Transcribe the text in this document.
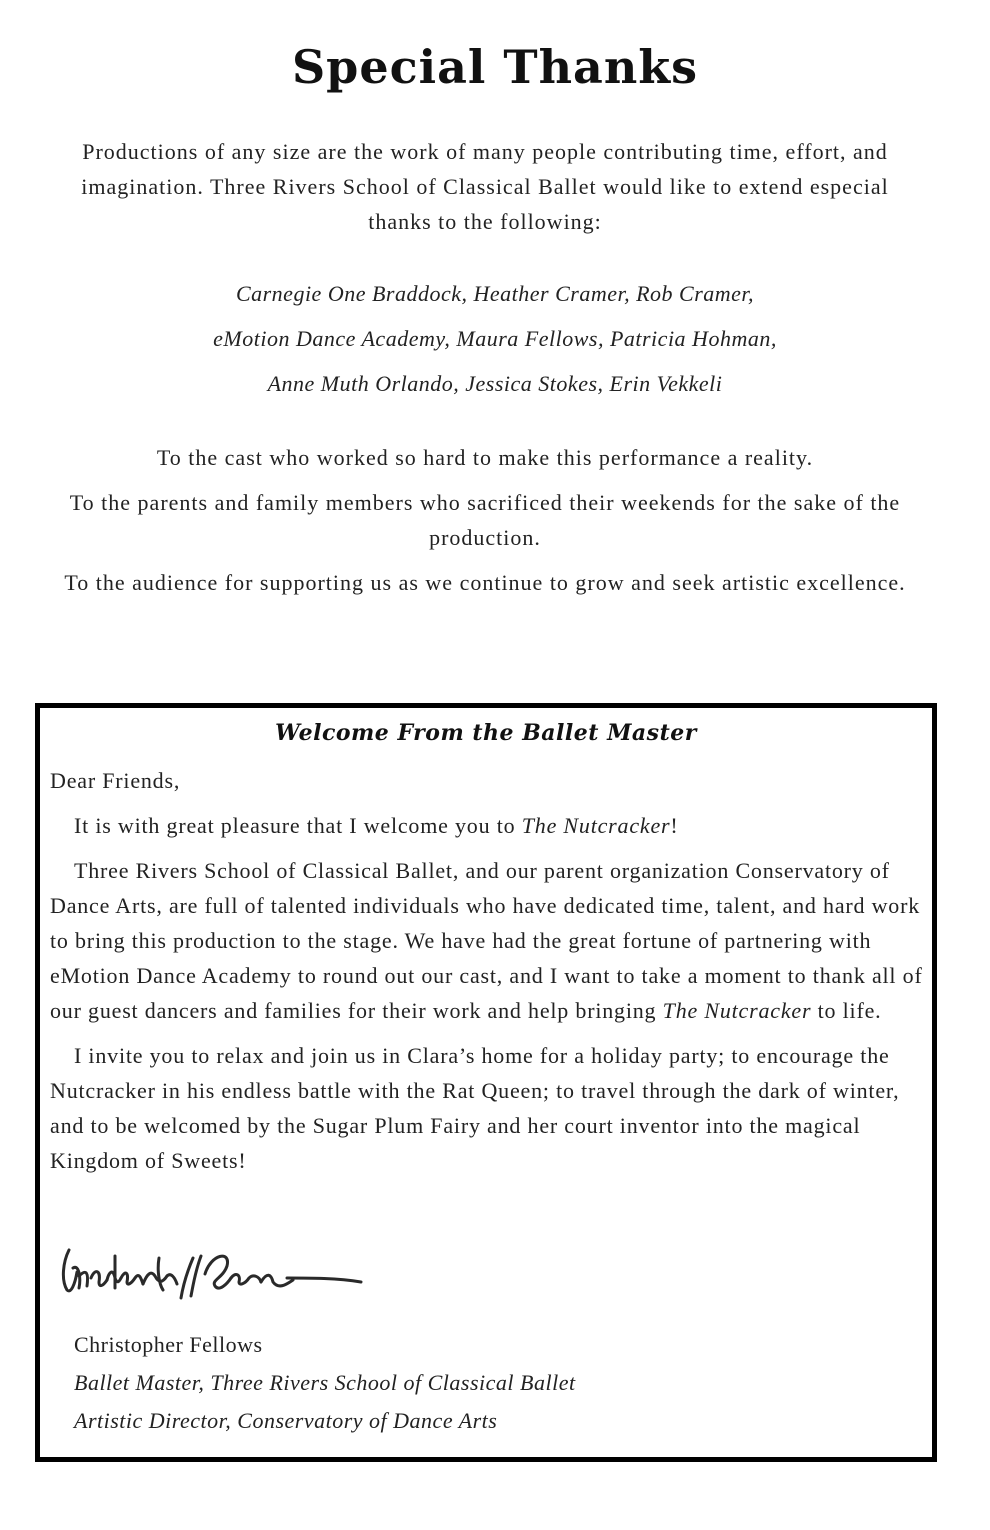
Special Thanks

Productions of any size are the work of many people contributing time, effort, and imagination. Three Rivers School of Classical Ballet would like to extend especial thanks to the following:

Carnegie One Braddock, Heather Cramer, Rob Cramer,
eMotion Dance Academy, Maura Fellows, Patricia Hohman,
Anne Muth Orlando, Jessica Stokes, Erin Vekkeli

To the cast who worked so hard to make this performance a reality.

To the parents and family members who sacrificed their weekends for the sake of the production.

To the audience for supporting us as we continue to grow and seek artistic excellence.

Welcome From the Ballet Master

Dear Friends,

It is with great pleasure that I welcome you to The Nutcracker!

Three Rivers School of Classical Ballet, and our parent organization Conservatory of Dance Arts, are full of talented individuals who have dedicated time, talent, and hard work to bring this production to the stage. We have had the great fortune of partnering with eMotion Dance Academy to round out our cast, and I want to take a moment to thank all of our guest dancers and families for their work and help bringing The Nutcracker to life.

I invite you to relax and join us in Clara’s home for a holiday party; to encourage the Nutcracker in his endless battle with the Rat Queen; to travel through the dark of winter, and to be welcomed by the Sugar Plum Fairy and her court inventor into the magical Kingdom of Sweets!

Christopher Fellows
Ballet Master, Three Rivers School of Classical Ballet
Artistic Director, Conservatory of Dance Arts
